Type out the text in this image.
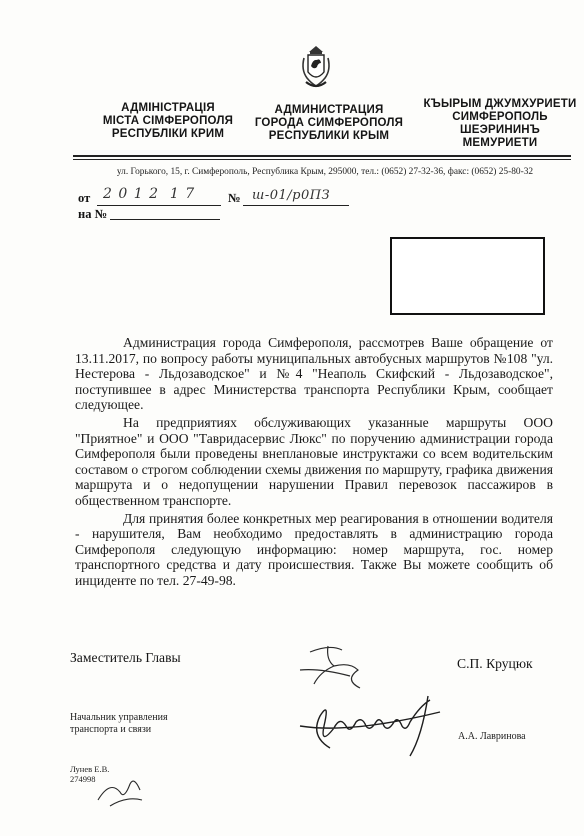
АДМІНІСТРАЦІЯ
МІСТА СІМФЕРОПОЛЯ
РЕСПУБЛІКИ КРИМ
АДМИНИСТРАЦИЯ
ГОРОДА СИМФЕРОПОЛЯ
РЕСПУБЛИКИ КРЫМ
КЪЫРЫМ ДЖУМХУРИЕТИ
СИМФЕРОПОЛЬ
ШЕЭРИНИНЪ
МЕМУРИЕТИ
ул. Горького, 15, г. Симферополь, Республика Крым, 295000, тел.: (0652) 27-32-36, факс: (0652) 25-80-32
от 2 0 1 2  1 7	№ ш-01/р0ПЗ
на №

Администрация города Симферополя, рассмотрев Ваше обращение от 13.11.2017, по вопросу работы муниципальных автобусных маршрутов №108 "ул. Нестерова - Льдозаводское" и №4 "Неаполь Скифский - Льдозаводское", поступившее в адрес Министерства транспорта Республики Крым, сообщает следующее.

На предприятиях обслуживающих указанные маршруты ООО "Приятное" и ООО "Тавридасервис Люкс" по поручению администрации города Симферополя были проведены внеплановые инструктажи со всем водительским составом о строгом соблюдении схемы движения по маршруту, графика движения маршрута и о недопущении нарушении Правил перевозок пассажиров в общественном транспорте.

Для принятия более конкретных мер реагирования в отношении водителя - нарушителя, Вам необходимо предоставлять в администрацию города Симферополя следующую информацию: номер маршрута, гос. номер транспортного средства и дату происшествия. Также Вы можете сообщить об инциденте по тел. 27-49-98.

Заместитель Главы	С.П. Круцюк
Начальник управления
транспорта и связи
А.А. Лавринова
Лунев Е.В.
274998
